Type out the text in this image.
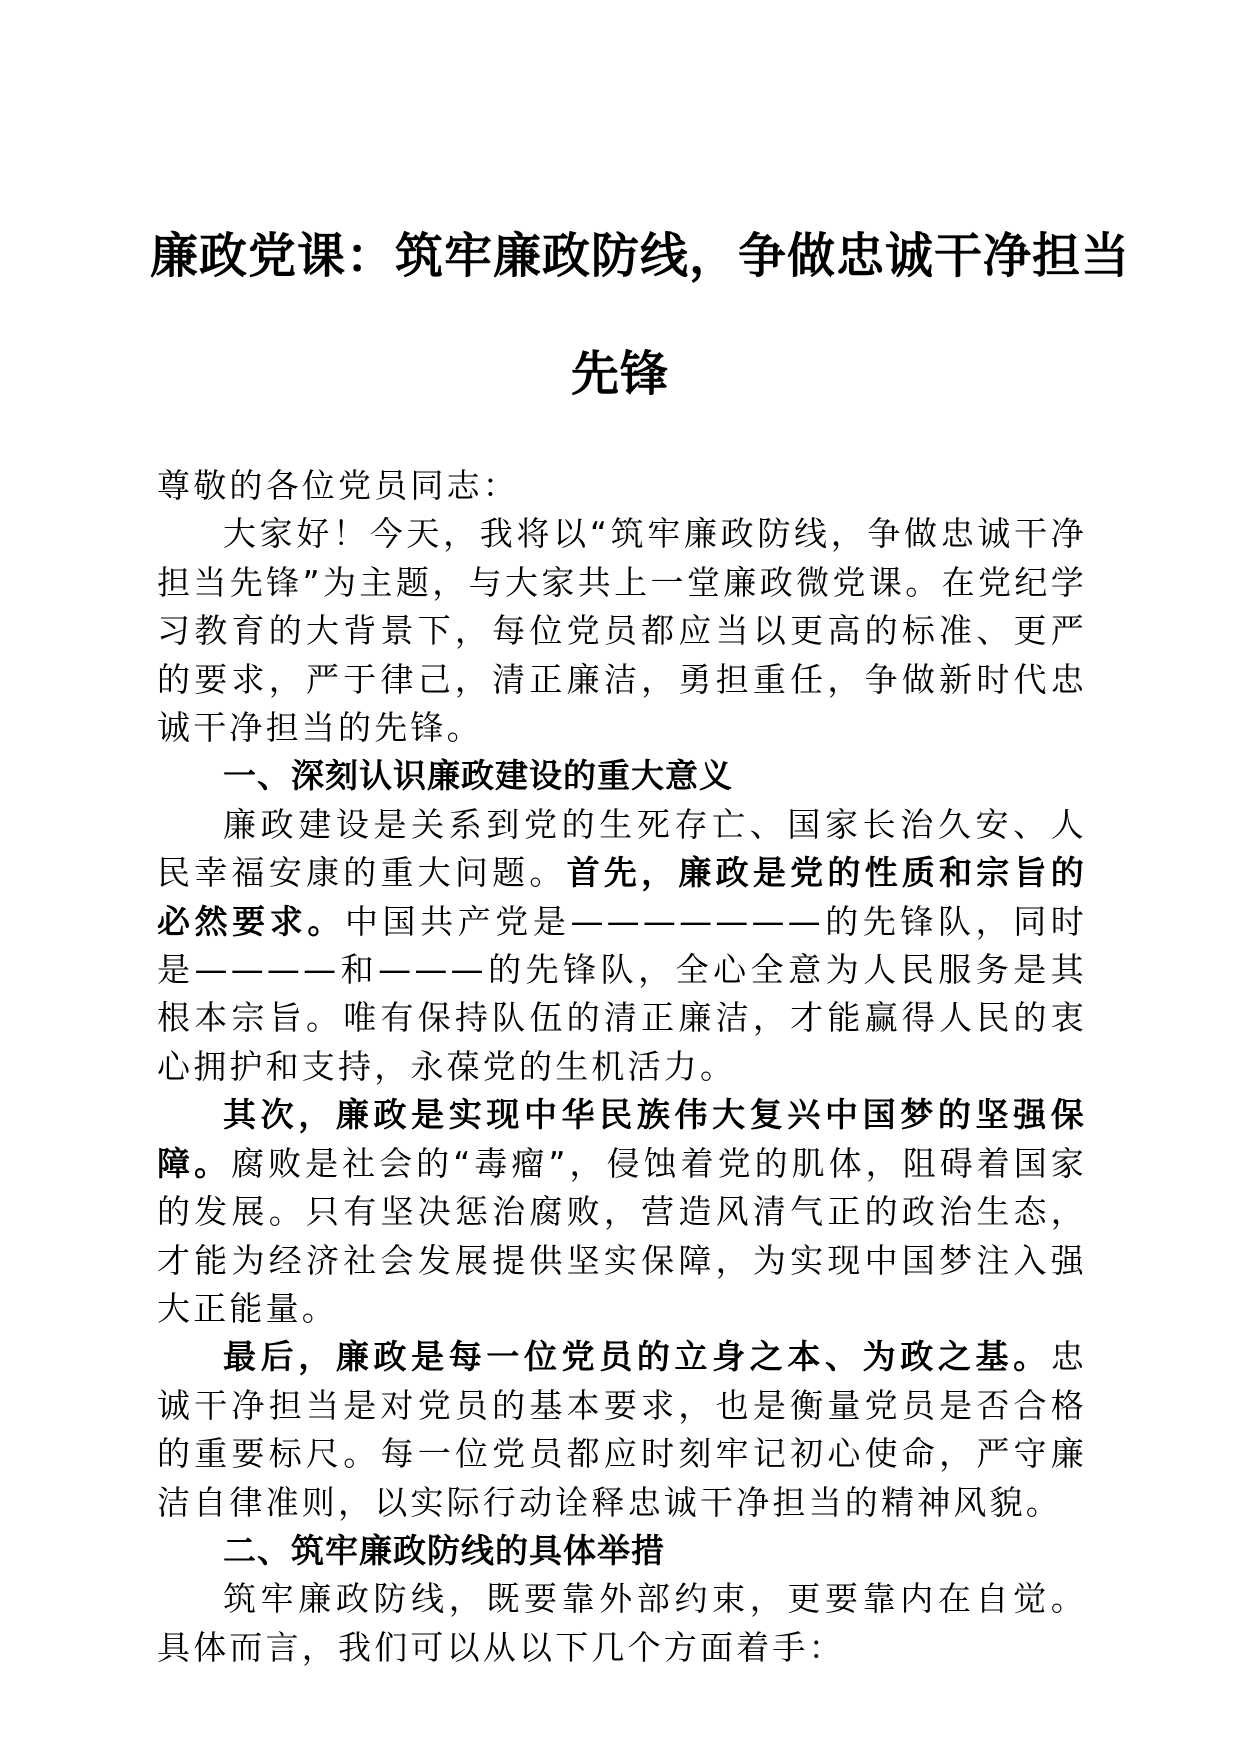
廉政党课：筑牢廉政防线，争做忠诚干净担当
先锋

尊敬的各位党员同志：

大家好！今天，我将以“筑牢廉政防线，争做忠诚干净担当先锋”为主题，与大家共上一堂廉政微党课。在党纪学习教育的大背景下，每位党员都应当以更高的标准、更严的要求，严于律己，清正廉洁，勇担重任，争做新时代忠诚干净担当的先锋。

一、深刻认识廉政建设的重大意义

廉政建设是关系到党的生死存亡、国家长治久安、人民幸福安康的重大问题。首先，廉政是党的性质和宗旨的必然要求。中国共产党是———————的先锋队，同时是————和———的先锋队，全心全意为人民服务是其根本宗旨。唯有保持队伍的清正廉洁，才能赢得人民的衷心拥护和支持，永葆党的生机活力。

其次，廉政是实现中华民族伟大复兴中国梦的坚强保障。腐败是社会的“毒瘤”，侵蚀着党的肌体，阻碍着国家的发展。只有坚决惩治腐败，营造风清气正的政治生态，才能为经济社会发展提供坚实保障，为实现中国梦注入强大正能量。

最后，廉政是每一位党员的立身之本、为政之基。忠诚干净担当是对党员的基本要求，也是衡量党员是否合格的重要标尺。每一位党员都应时刻牢记初心使命，严守廉洁自律准则，以实际行动诠释忠诚干净担当的精神风貌。

二、筑牢廉政防线的具体举措

筑牢廉政防线，既要靠外部约束，更要靠内在自觉。具体而言，我们可以从以下几个方面着手：
